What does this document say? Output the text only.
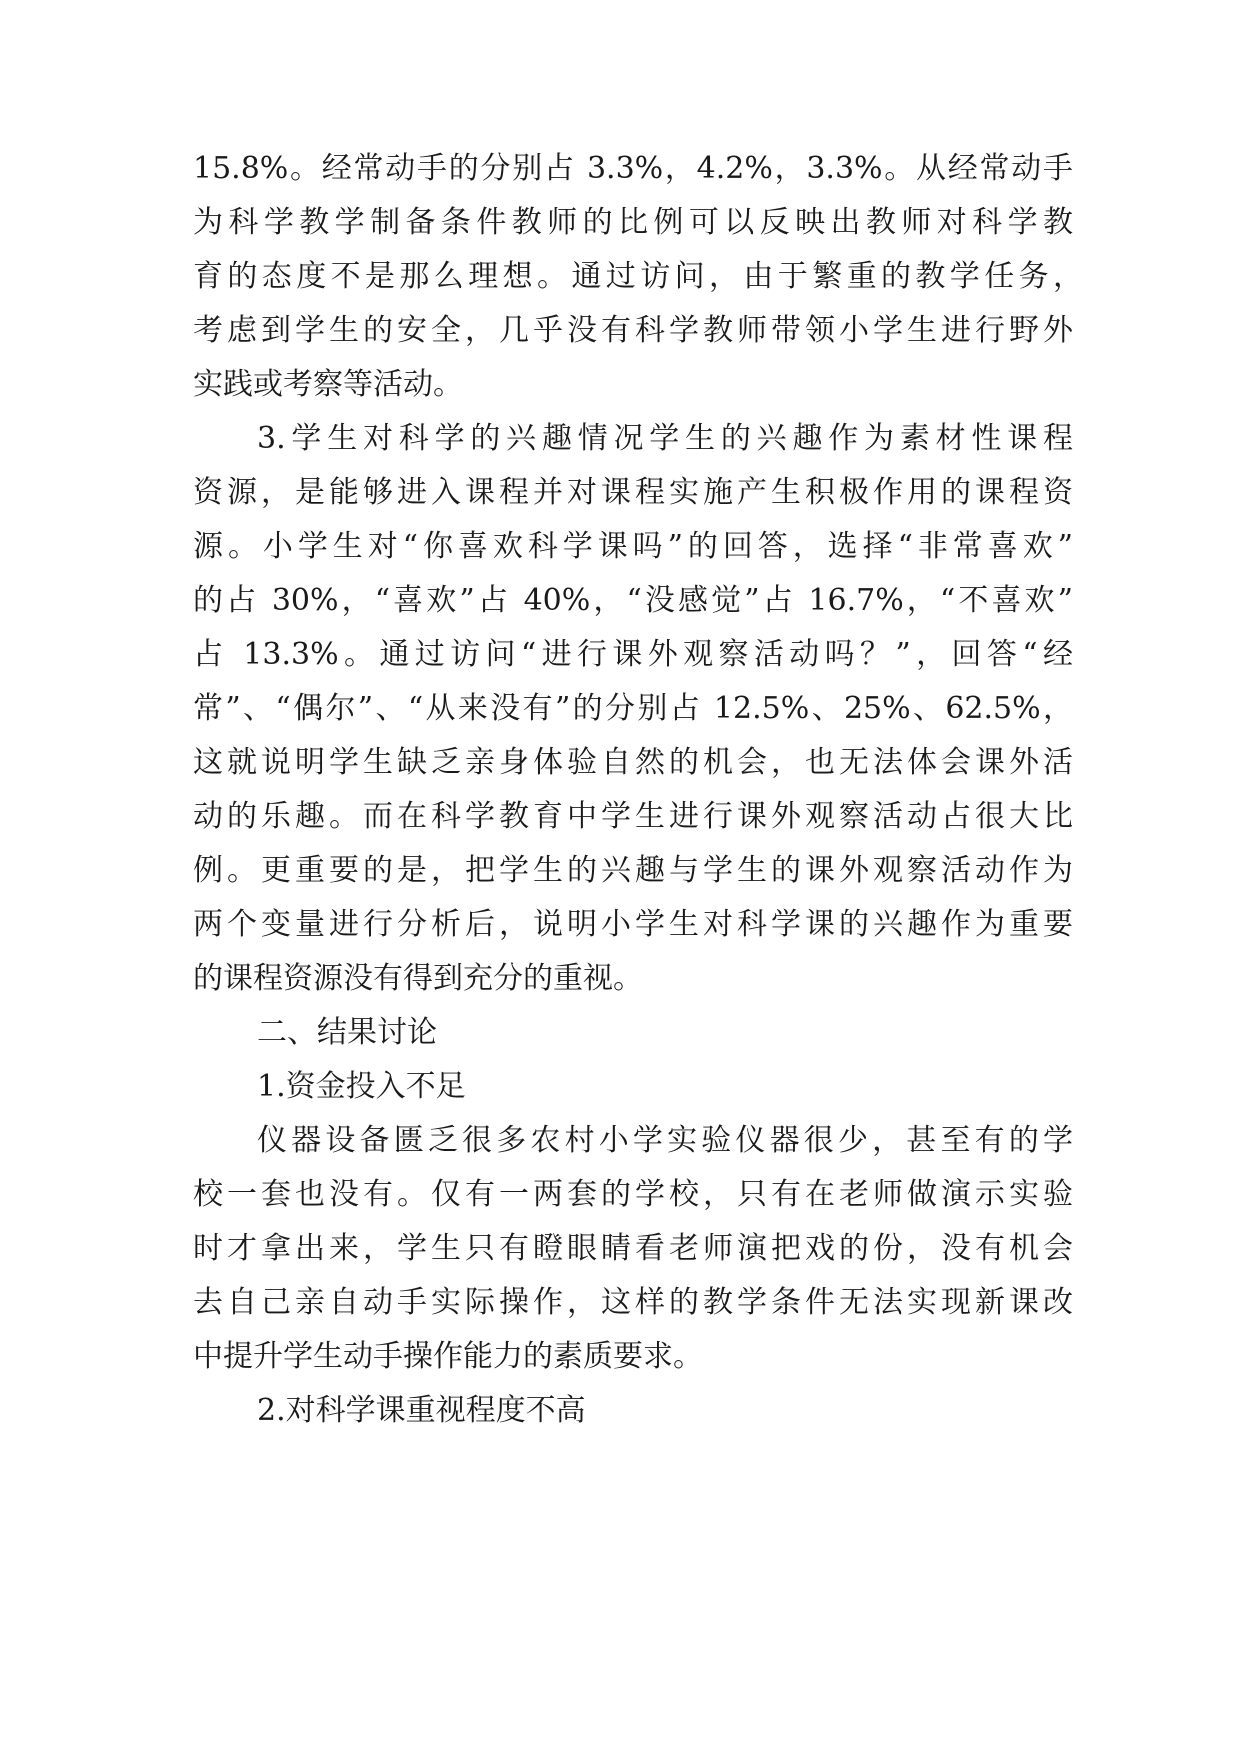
15.8%。经常动手的分别占 3.3%，4.2%，3.3%。从经常动手
为科学教学制备条件教师的比例可以反映出教师对科学教
育的态度不是那么理想。通过访问，由于繁重的教学任务，
考虑到学生的安全，几乎没有科学教师带领小学生进行野外
实践或考察等活动。
3.学生对科学的兴趣情况学生的兴趣作为素材性课程
资源，是能够进入课程并对课程实施产生积极作用的课程资
源。小学生对“你喜欢科学课吗”的回答，选择“非常喜欢”
的占 30%，“喜欢”占 40%，“没感觉”占 16.7%，“不喜欢”
占 13.3%。通过访问“进行课外观察活动吗？”，回答“经
常”、“偶尔”、“从来没有”的分别占 12.5%、25%、62.5%，
这就说明学生缺乏亲身体验自然的机会，也无法体会课外活
动的乐趣。而在科学教育中学生进行课外观察活动占很大比
例。更重要的是，把学生的兴趣与学生的课外观察活动作为
两个变量进行分析后，说明小学生对科学课的兴趣作为重要
的课程资源没有得到充分的重视。
二、结果讨论
1.资金投入不足
仪器设备匮乏很多农村小学实验仪器很少，甚至有的学
校一套也没有。仅有一两套的学校，只有在老师做演示实验
时才拿出来，学生只有瞪眼睛看老师演把戏的份，没有机会
去自己亲自动手实际操作，这样的教学条件无法实现新课改
中提升学生动手操作能力的素质要求。
2.对科学课重视程度不高
